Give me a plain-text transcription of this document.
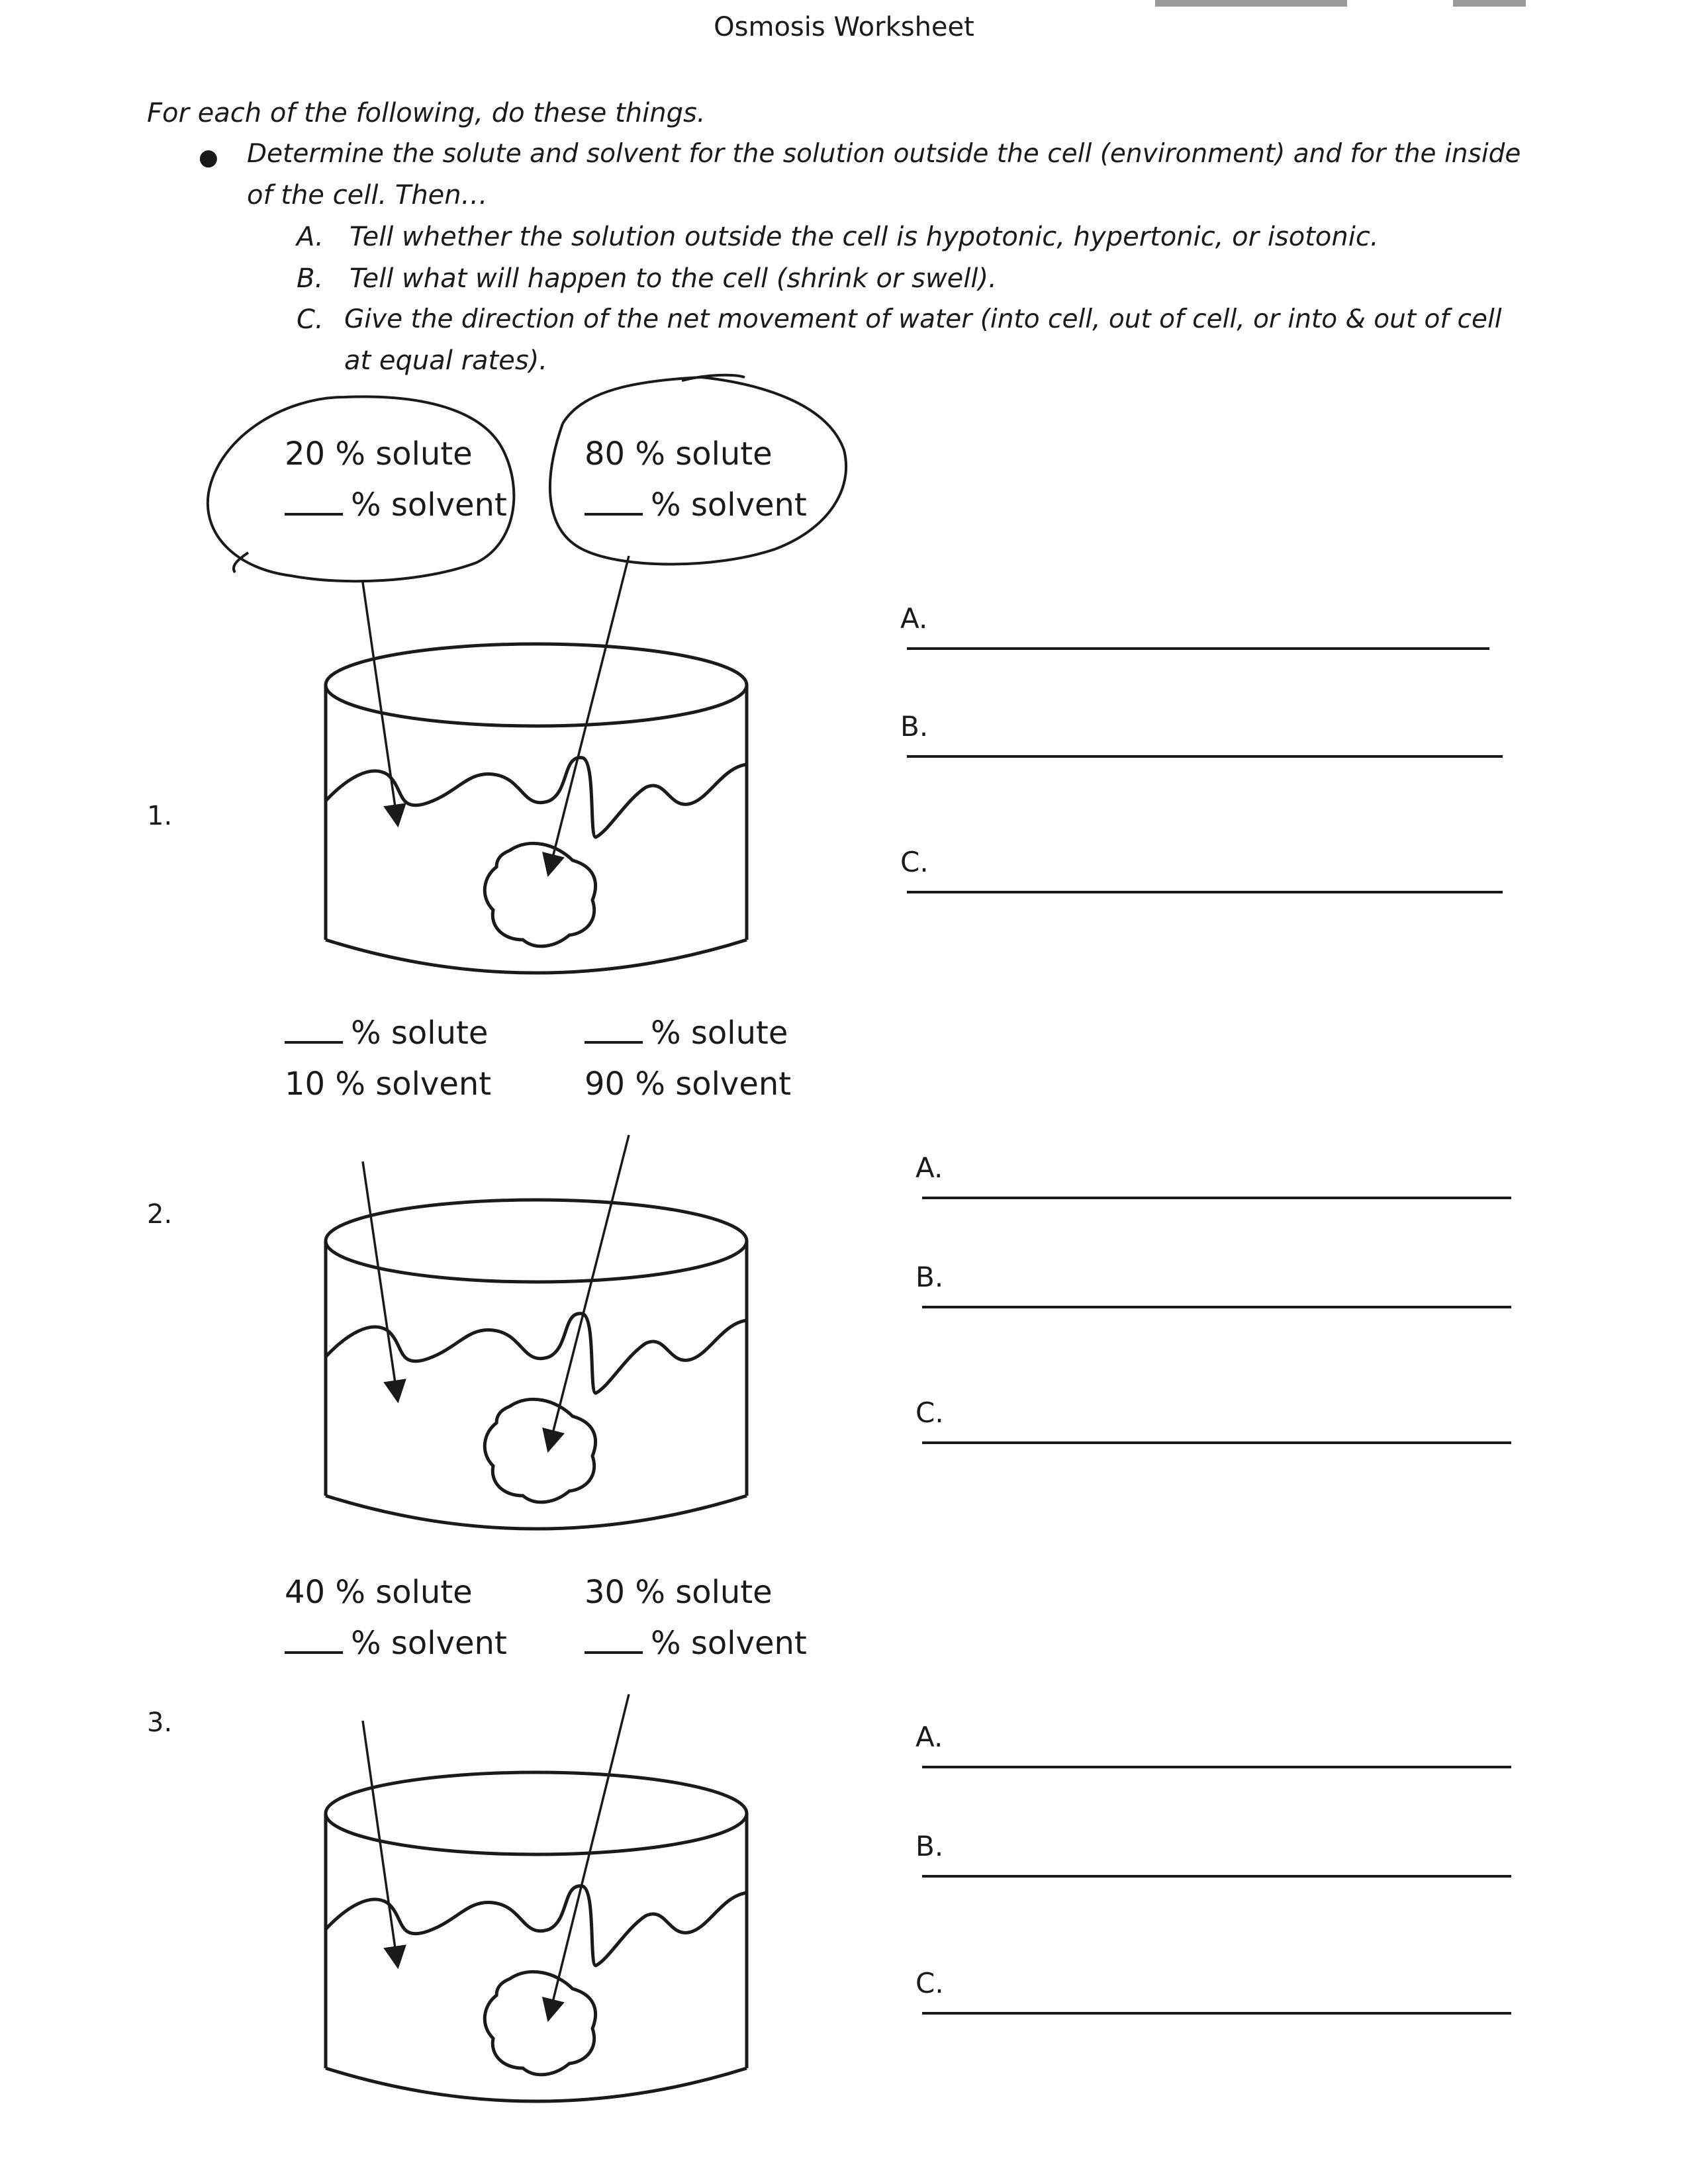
Osmosis Worksheet
For each of the following, do these things.
● Determine the solute and solvent for the solution outside the cell (environment) and for the inside
of the cell. Then…
A. Tell whether the solution outside the cell is hypotonic, hypertonic, or isotonic.
B. Tell what will happen to the cell (shrink or swell).
C. Give the direction of the net movement of water (into cell, out of cell, or into & out of cell
at equal rates).
1.
20 % solute
% solvent
80 % solute
% solvent
A.
B.
C.
2.
% solute
10 % solvent
% solute
90 % solvent
A.
B.
C.
3.
40 % solute
% solvent
30 % solute
% solvent
A.
B.
C.
